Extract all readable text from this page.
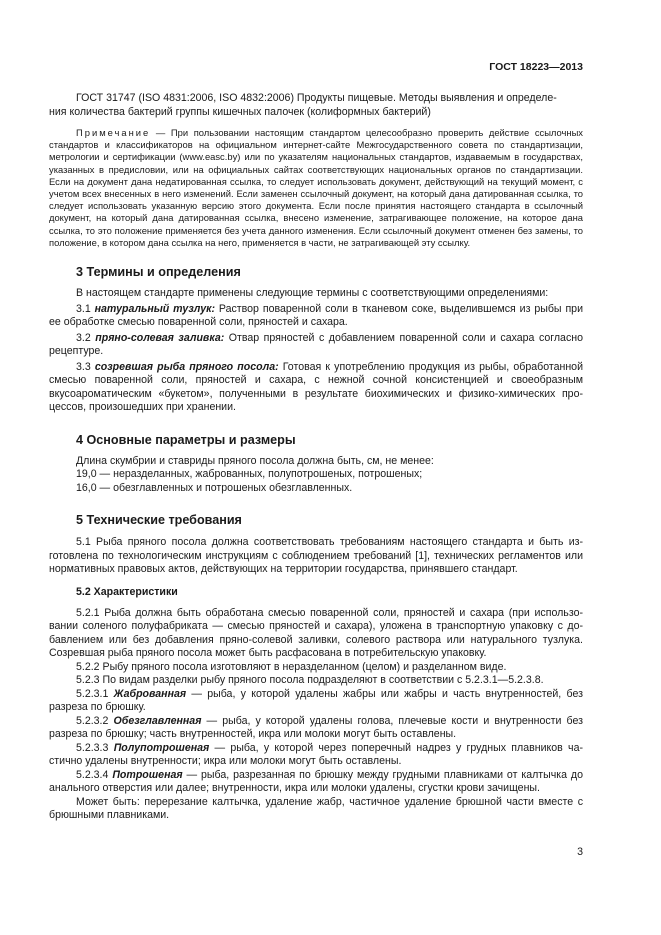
ГОСТ 18223—2013

ГОСТ 31747 (ISO 4831:2006, ISO 4832:2006) Продукты пищевые. Методы выявления и определе-
ния количества бактерий группы кишечных палочек (колиформных бактерий)

Примечание — При пользовании настоящим стандартом целесообразно проверить действие ссылочных стандартов и классификаторов на официальном интернет-сайте Межгосударственного совета по стандартизации, метрологии и сертификации (www.easc.by) или по указателям национальных стандартов, издаваемым в государствах, указанных в предисловии, или на официальных сайтах соответствующих национальных органов по стандартизации. Если на документ дана недатированная ссылка, то следует использовать документ, действующий на текущий момент, с учетом всех внесенных в него изменений. Если заменен ссылочный документ, на который дана датированная ссылка, то следует использовать указанную версию этого документа. Если после принятия настоящего стандарта в ссылочный документ, на который дана датированная ссылка, внесено изменение, затрагивающее положение, на которое дана ссылка, то это положение применяется без учета данного изменения. Если ссылочный документ отменен без замены, то положение, в котором дана ссылка на него, применяется в части, не затрагивающей эту ссылку.

3 Термины и определения

В настоящем стандарте применены следующие термины с соответствующими определениями:

3.1 натуральный тузлук: Раствор поваренной соли в тканевом соке, выделившемся из рыбы при ее обработке смесью поваренной соли, пряностей и сахара.

3.2 пряно-солевая заливка: Отвар пряностей с добавлением поваренной соли и сахара согласно рецептуре.

3.3 созревшая рыба пряного посола: Готовая к употреблению продукция из рыбы, обработанной смесью поваренной соли, пряностей и сахара, с нежной сочной консистенцией и своеобразным вкусоароматическим «букетом», полученными в результате биохимических и физико-химических процессов, произошедших при хранении.

4 Основные параметры и размеры

Длина скумбрии и ставриды пряного посола должна быть, см, не менее:

19,0 — неразделанных, жаброванных, полупотрошеных, потрошеных;

16,0 — обезглавленных и потрошеных обезглавленных.

5 Технические требования

5.1 Рыба пряного посола должна соответствовать требованиям настоящего стандарта и быть изготовлена по технологическим инструкциям с соблюдением требований [1], технических регламентов или нормативных правовых актов, действующих на территории государства, принявшего стандарт.

5.2 Характеристики

5.2.1 Рыба должна быть обработана смесью поваренной соли, пряностей и сахара (при использовании соленого полуфабриката — смесью пряностей и сахара), уложена в транспортную упаковку с добавлением или без добавления пряно-солевой заливки, солевого раствора или натурального тузлука. Созревшая рыба пряного посола может быть расфасована в потребительскую упаковку.

5.2.2 Рыбу пряного посола изготовляют в неразделанном (целом) и разделанном виде.

5.2.3 По видам разделки рыбу пряного посола подразделяют в соответствии с 5.2.3.1—5.2.3.8.

5.2.3.1 Жаброванная — рыба, у которой удалены жабры или жабры и часть внутренностей, без разреза по брюшку.

5.2.3.2 Обезглавленная — рыба, у которой удалены голова, плечевые кости и внутренности без разреза по брюшку; часть внутренностей, икра или молоки могут быть оставлены.

5.2.3.3 Полупотрошеная — рыба, у которой через поперечный надрез у грудных плавников частично удалены внутренности; икра или молоки могут быть оставлены.

5.2.3.4 Потрошеная — рыба, разрезанная по брюшку между грудными плавниками от калтычка до анального отверстия или далее; внутренности, икра или молоки удалены, сгустки крови зачищены.

Может быть: перерезание калтычка, удаление жабр, частичное удаление брюшной части вместе с брюшными плавниками.

3
